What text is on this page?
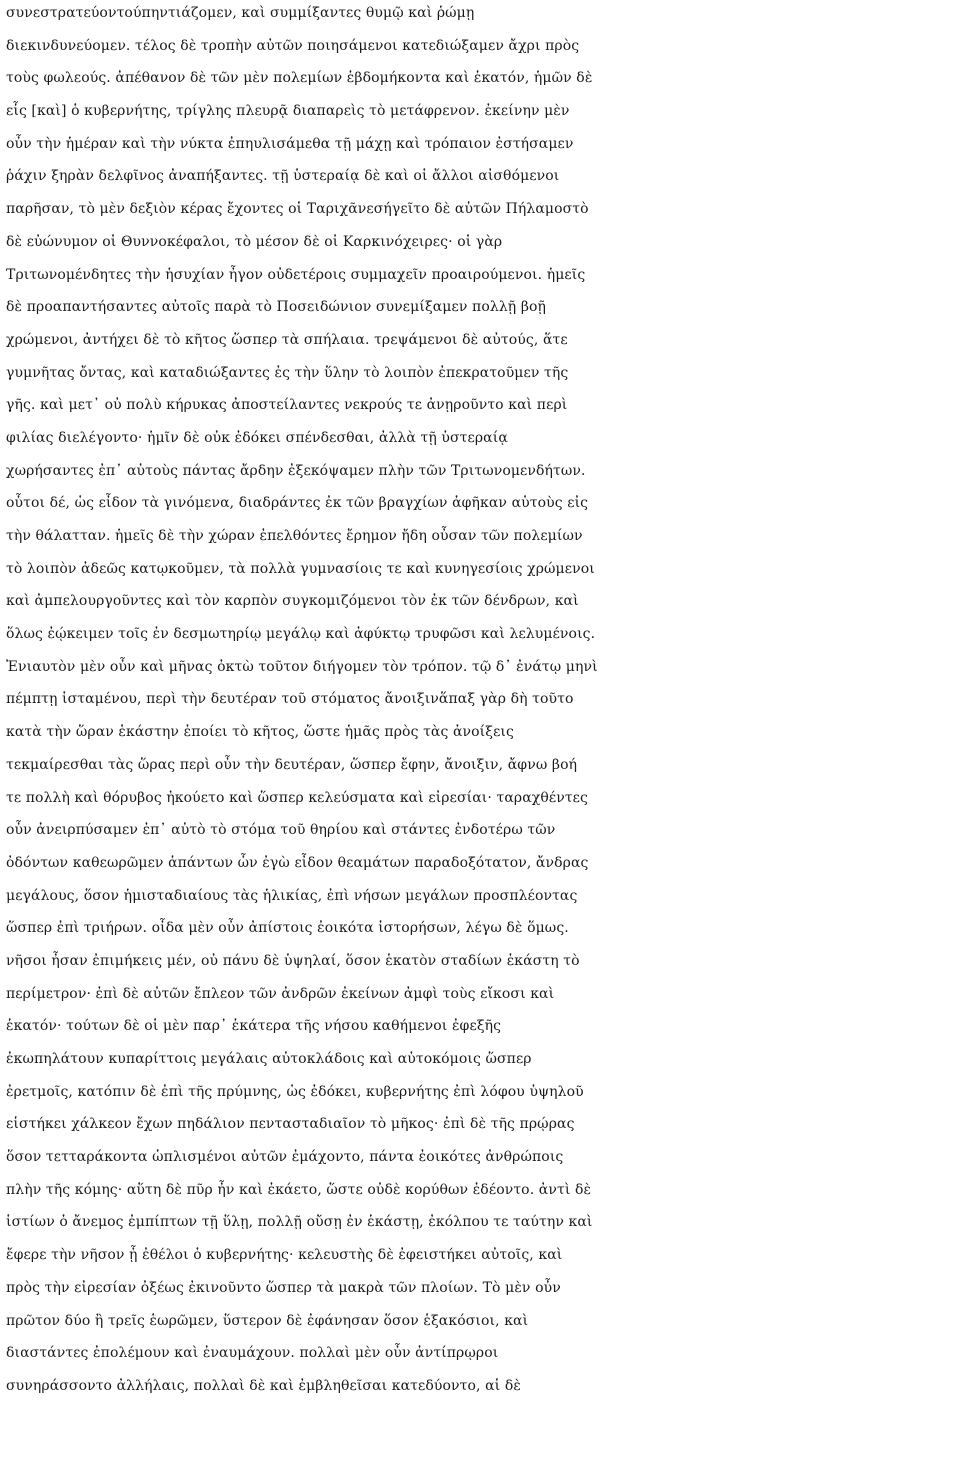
συνεστρατεύοντoύπηντιάζομεν, καὶ συμμίξαντες θυμῷ καὶ ῥώμῃ
διεκινδυνεύομεν. τέλος δὲ τροπὴν αὐτῶν ποιησάμενοι κατεδιώξαμεν ἄχρι πρὸς
τοὺς φωλεούς. ἀπέθανον δὲ τῶν μὲν πολεμίων ἑβδομήκοντα καὶ ἑκατόν, ἡμῶν δὲ
εἷς [καὶ] ὁ κυβερνήτης, τρίγλης πλευρᾷ διαπαρεὶς τὸ μετάφρενον. ἐκείνην μὲν
οὖν τὴν ἡμέραν καὶ τὴν νύκτα ἐπηυλισάμεθα τῇ μάχῃ καὶ τρόπαιον ἐστήσαμεν
ῥάχιν ξηρὰν δελφῖνος ἀναπήξαντες. τῇ ὑστεραίᾳ δὲ καὶ οἱ ἄλλοι αἰσθόμενοι
παρῆσαν, τὸ μὲν δεξιὸν κέρας ἔχοντες οἱ Ταριχᾶνεσήγεῖτο δὲ αὐτῶν Πήλαμοστὸ
δὲ εὐώνυμον οἱ Θυννοκέφαλοι, τὸ μέσον δὲ οἱ Καρκινόχειρες· οἱ γὰρ
Τριτωνομένδητες τὴν ἡσυχίαν ἦγον οὐδετέροις συμμαχεῖν προαιρούμενοι. ἡμεῖς
δὲ προαπαντήσαντες αὐτοῖς παρὰ τὸ Ποσειδώνιον συνεμίξαμεν πολλῇ βοῇ
χρώμενοι, ἀντήχει δὲ τὸ κῆτος ὥσπερ τὰ σπήλαια. τρεψάμενοι δὲ αὐτούς, ἅτε
γυμνῆτας ὄντας, καὶ καταδιώξαντες ἐς τὴν ὕλην τὸ λοιπὸν ἐπεκρατοῦμεν τῆς
γῆς. καὶ μετ᾽ οὐ πολὺ κήρυκας ἀποστείλαντες νεκρούς τε ἀνῃροῦντο καὶ περὶ
φιλίας διελέγοντο· ἡμῖν δὲ οὐκ ἐδόκει σπένδεσθαι, ἀλλὰ τῇ ὑστεραίᾳ
χωρήσαντες ἐπ᾽ αὐτοὺς πάντας ἄρδην ἐξεκόψαμεν πλὴν τῶν Τριτωνομενδήτων.
οὗτοι δέ, ὡς εἶδον τὰ γινόμενα, διαδράντες ἐκ τῶν βραγχίων ἀφῆκαν αὑτοὺς εἰς
τὴν θάλατταν. ἡμεῖς δὲ τὴν χώραν ἐπελθόντες ἔρημον ἤδη οὖσαν τῶν πολεμίων
τὸ λοιπὸν ἀδεῶς κατῳκοῦμεν, τὰ πολλὰ γυμνασίοις τε καὶ κυνηγεσίοις χρώμενοι
καὶ ἀμπελουργοῦντες καὶ τὸν καρπὸν συγκομιζόμενοι τὸν ἐκ τῶν δένδρων, καὶ
ὅλως ἐῴκειμεν τοῖς ἐν δεσμωτηρίῳ μεγάλῳ καὶ ἀφύκτῳ τρυφῶσι καὶ λελυμένοις.
Ἐνιαυτὸν μὲν οὖν καὶ μῆνας ὀκτὼ τοῦτον διήγομεν τὸν τρόπον. τῷ δ᾽ ἐνάτῳ μηνὶ
πέμπτῃ ἱσταμένου, περὶ τὴν δευτέραν τοῦ στόματος ἄνοιξινἅπαξ γὰρ δὴ τοῦτο
κατὰ τὴν ὥραν ἑκάστην ἐποίει τὸ κῆτος, ὥστε ἡμᾶς πρὸς τὰς ἀνοίξεις
τεκμαίρεσθαι τὰς ὥρας περὶ οὖν τὴν δευτέραν, ὥσπερ ἔφην, ἄνοιξιν, ἄφνω βοή
τε πολλὴ καὶ θόρυβος ἠκούετο καὶ ὥσπερ κελεύσματα καὶ εἰρεσίαι· ταραχθέντες
οὖν ἀνειρπύσαμεν ἐπ᾽ αὐτὸ τὸ στόμα τοῦ θηρίου καὶ στάντες ἐνδοτέρω τῶν
ὀδόντων καθεωρῶμεν ἁπάντων ὧν ἐγὼ εἶδον θεαμάτων παραδοξότατον, ἄνδρας
μεγάλους, ὅσον ἡμισταδιαίους τὰς ἡλικίας, ἐπὶ νήσων μεγάλων προσπλέοντας
ὥσπερ ἐπὶ τριήρων. οἶδα μὲν οὖν ἀπίστοις ἐοικότα ἱστορήσων, λέγω δὲ ὅμως.
νῆσοι ἦσαν ἐπιμήκεις μέν, οὐ πάνυ δὲ ὑψηλαί, ὅσον ἑκατὸν σταδίων ἑκάστη τὸ
περίμετρον· ἐπὶ δὲ αὐτῶν ἔπλεον τῶν ἀνδρῶν ἐκείνων ἀμφὶ τοὺς εἴκοσι καὶ
ἑκατόν· τούτων δὲ οἱ μὲν παρ᾽ ἑκάτερα τῆς νήσου καθήμενοι ἐφεξῆς
ἐκωπηλάτουν κυπαρίττοις μεγάλαις αὐτοκλάδοις καὶ αὐτοκόμοις ὥσπερ
ἐρετμοῖς, κατόπιν δὲ ἐπὶ τῆς πρύμνης, ὡς ἐδόκει, κυβερνήτης ἐπὶ λόφου ὑψηλοῦ
εἱστήκει χάλκεον ἔχων πηδάλιον πεντασταδιαῖον τὸ μῆκος· ἐπὶ δὲ τῆς πρῴρας
ὅσον τετταράκοντα ὡπλισμένοι αὐτῶν ἐμάχοντο, πάντα ἐοικότες ἀνθρώποις
πλὴν τῆς κόμης· αὕτη δὲ πῦρ ἦν καὶ ἐκάετο, ὥστε οὐδὲ κορύθων ἐδέοντο. ἀντὶ δὲ
ἱστίων ὁ ἄνεμος ἐμπίπτων τῇ ὕλῃ, πολλῇ οὔσῃ ἐν ἑκάστῃ, ἐκόλπου τε ταύτην καὶ
ἔφερε τὴν νῆσον ᾗ ἐθέλοι ὁ κυβερνήτης· κελευστὴς δὲ ἐφειστήκει αὐτοῖς, καὶ
πρὸς τὴν εἰρεσίαν ὀξέως ἐκινοῦντο ὥσπερ τὰ μακρὰ τῶν πλοίων. Τὸ μὲν οὖν
πρῶτον δύο ἢ τρεῖς ἑωρῶμεν, ὕστερον δὲ ἐφάνησαν ὅσον ἑξακόσιοι, καὶ
διαστάντες ἐπολέμουν καὶ ἐναυμάχουν. πολλαὶ μὲν οὖν ἀντίπρῳροι
συνηράσσοντο ἀλλήλαις, πολλαὶ δὲ καὶ ἐμβληθεῖσαι κατεδύοντο, αἱ δὲ
